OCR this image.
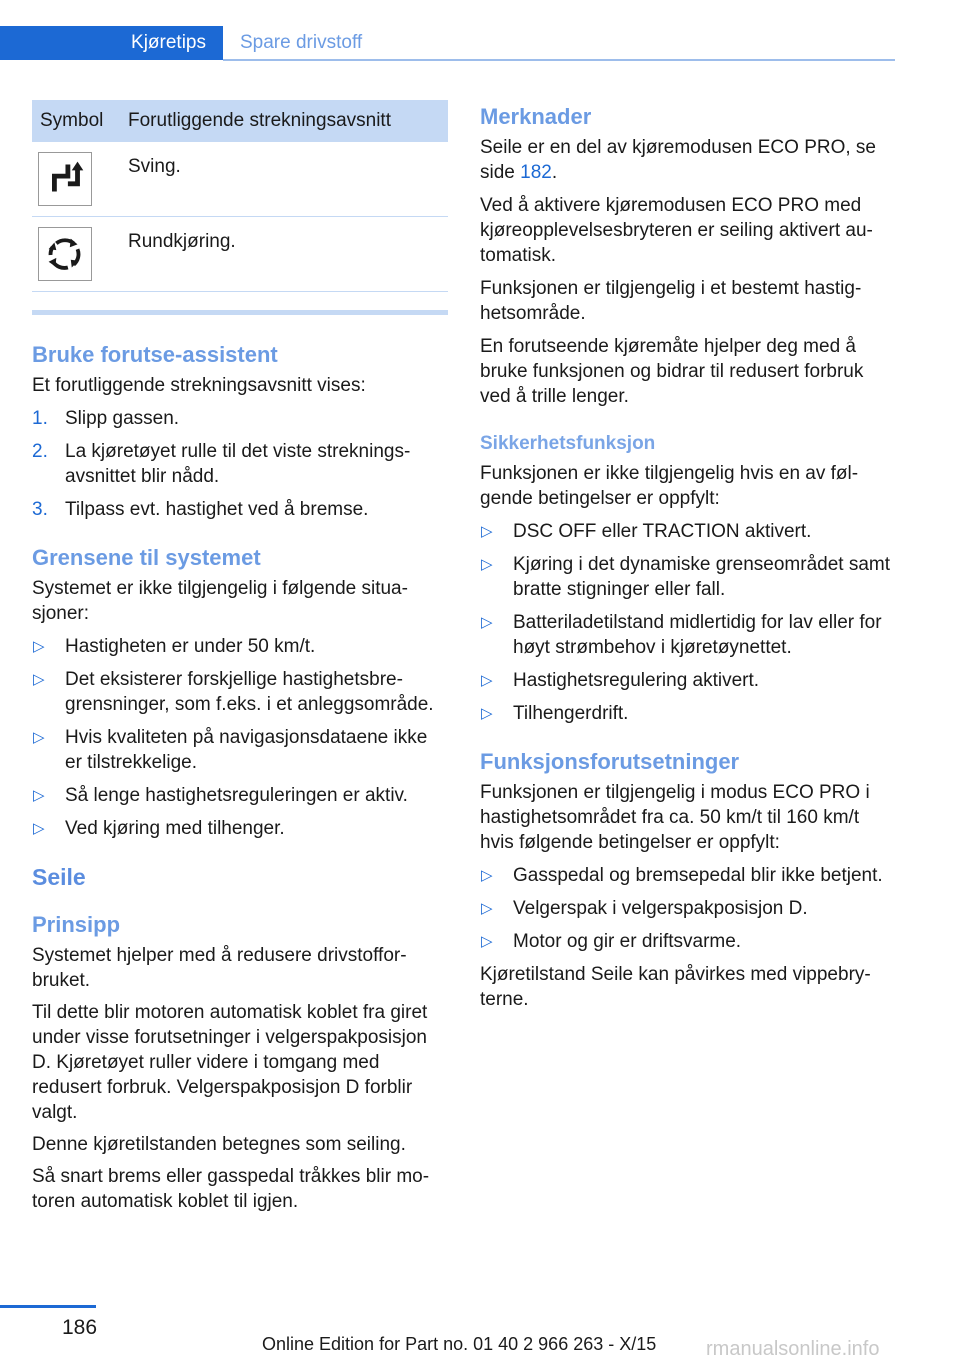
Kjøretips	Spare drivstoff
Symbol	Forutliggende strekningsavsnitt

	Sving.

	Rundkjøring.
Bruke forutse-assistent

Et forutliggende strekningsavsnitt vises:

1. Slipp gassen.
2. La kjøretøyet rulle til det viste strekningsavsnittet blir nådd.
3. Tilpass evt. hastighet ved å bremse.
Grensene til systemet

Systemet er ikke tilgjengelig i følgende situasjoner:

▷ Hastigheten er under 50 km/t.
▷ Det eksisterer forskjellige hastighetsbregrensninger, som f.eks. i et anleggsområde.
▷ Hvis kvaliteten på navigasjonsdataene ikke er tilstrekkelige.
▷ Så lenge hastighetsreguleringen er aktiv.
▷ Ved kjøring med tilhenger.
Seile
Prinsipp

Systemet hjelper med å redusere drivstofforbruket.

Til dette blir motoren automatisk koblet fra giret under visse forutsetninger i velgerspakposisjon D. Kjøretøyet ruller videre i tomgang med redusert forbruk. Velgerspakposisjon D forblir valgt.

Denne kjøretilstanden betegnes som seiling.

Så snart brems eller gasspedal tråkkes blir motoren automatisk koblet til igjen.

Merknader

Seile er en del av kjøremodusen ECO PRO, se side 182.

Ved å aktivere kjøremodusen ECO PRO med kjøreopplevelsesbryteren er seiling aktivert automatisk.

Funksjonen er tilgjengelig i et bestemt hastighetsområde.

En forutseende kjøremåte hjelper deg med å bruke funksjonen og bidrar til redusert forbruk ved å trille lenger.

Sikkerhetsfunksjon

Funksjonen er ikke tilgjengelig hvis en av følgende betingelser er oppfylt:

▷ DSC OFF eller TRACTION aktivert.
▷ Kjøring i det dynamiske grenseområdet samt bratte stigninger eller fall.
▷ Batteriladetilstand midlertidig for lav eller for høyt strømbehov i kjøretøynettet.
▷ Hastighetsregulering aktivert.
▷ Tilhengerdrift.
Funksjonsforutsetninger

Funksjonen er tilgjengelig i modus ECO PRO i hastighetsområdet fra ca. 50 km/t til 160 km/t hvis følgende betingelser er oppfylt:

▷ Gasspedal og bremsepedal blir ikke betjent.
▷ Velgerspak i velgerspakposisjon D.
▷ Motor og gir er driftsvarme.

Kjøretilstand Seile kan påvirkes med vippebryterne.

186
Online Edition for Part no. 01 40 2 966 263 - X/15 rmanualsonline.info
